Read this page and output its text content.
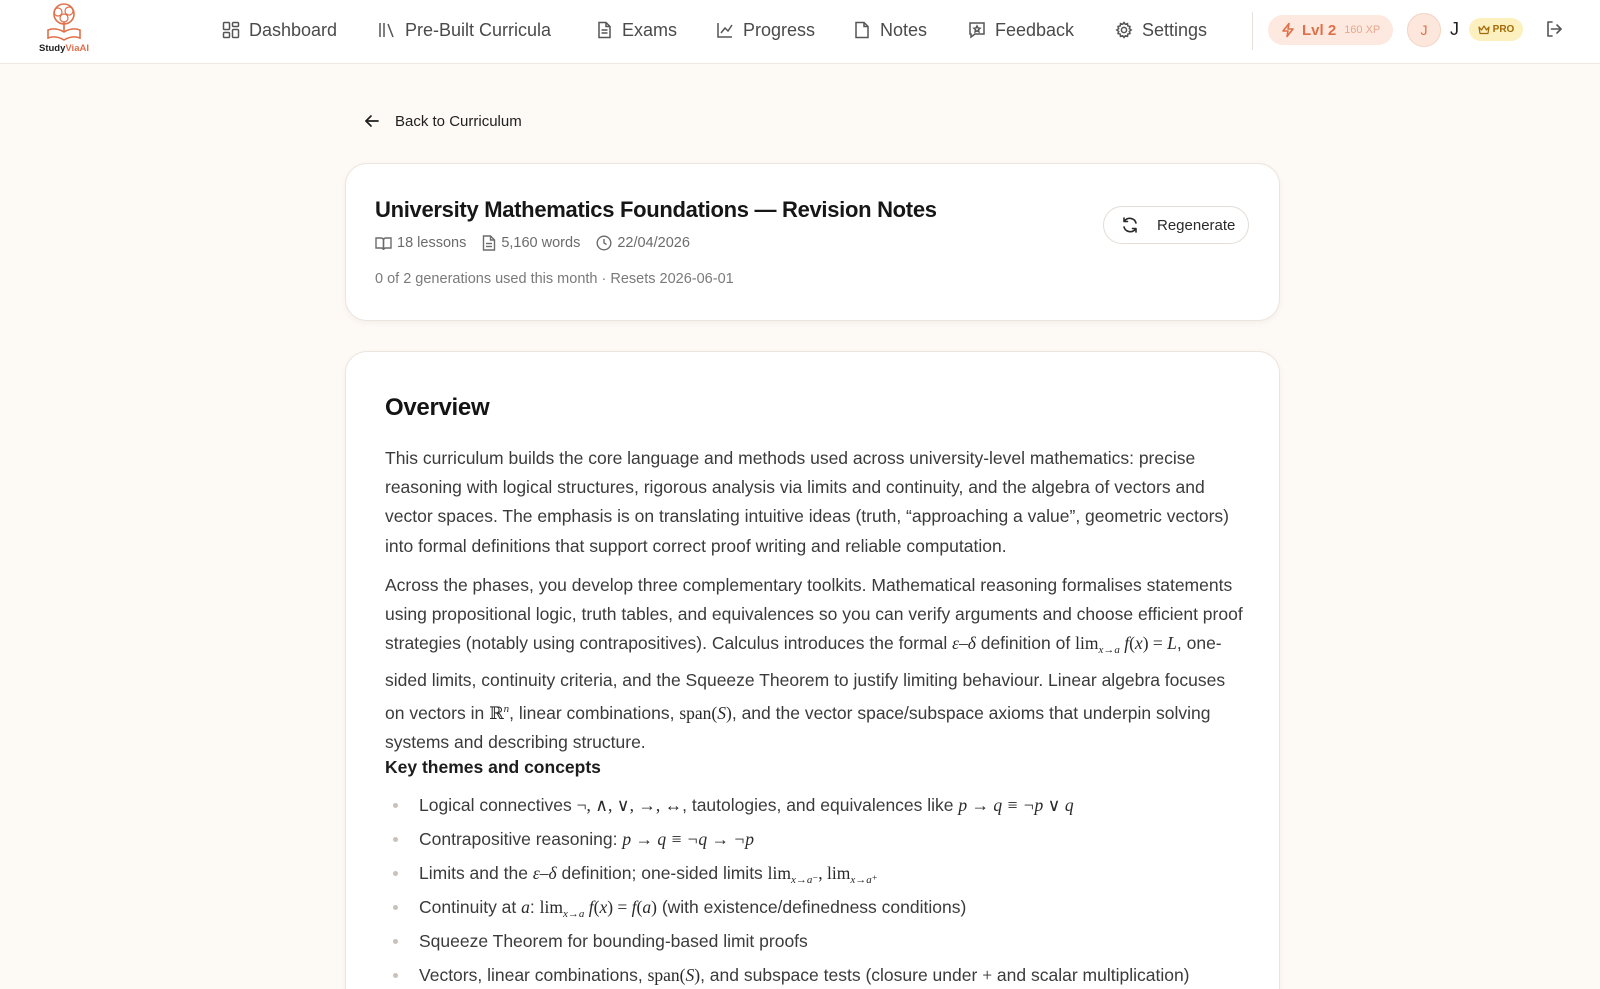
StudyViaAI
Dashboard	Pre-Built Curricula	Exams	Progress	Notes	Feedback	Settings	Lvl 2 160 XP	J	J	PRO
Back to Curriculum
University Mathematics Foundations — Revision Notes
18 lessons 5,160 words	22/04/2026
0 of 2 generations used this month · Resets 2026-06-01
Regenerate
Overview

This curriculum builds the core language and methods used across university-level mathematics: precise reasoning with logical structures, rigorous analysis via limits and continuity, and the algebra of vectors and vector spaces. The emphasis is on translating intuitive ideas (truth, “approaching a value”, geometric vectors) into formal definitions that support correct proof writing and reliable computation.

Across the phases, you develop three complementary toolkits. Mathematical reasoning formalises statements using propositional logic, truth tables, and equivalences so you can verify arguments and choose efficient proof strategies (notably using contrapositives). Calculus introduces the formal ε–δ definition of $\lim_{x\to a} f(x) = L$, one-sided limits, continuity criteria, and the Squeeze Theorem to justify limiting behaviour. Linear algebra focuses on vectors in ℝ$^n$, linear combinations, span(S), and the vector space/subspace axioms that underpin solving systems and describing structure.

Key themes and concepts
Logical connectives ¬, ∧, ∨, →, ↔, tautologies, and equivalences like p → q ≡ ¬p ∨ q
Contrapositive reasoning: p → q ≡ ¬q → ¬p
Limits and the ε–δ definition; one-sided limits $\lim_{x\to a^-}$, $\lim_{x\to a^+}$
Continuity at a: $\lim_{x\to a} f(x) = f(a)$ (with existence/definedness conditions)
Squeeze Theorem for bounding-based limit proofs
Vectors, linear combinations, span(S), and subspace tests (closure under + and scalar multiplication)
